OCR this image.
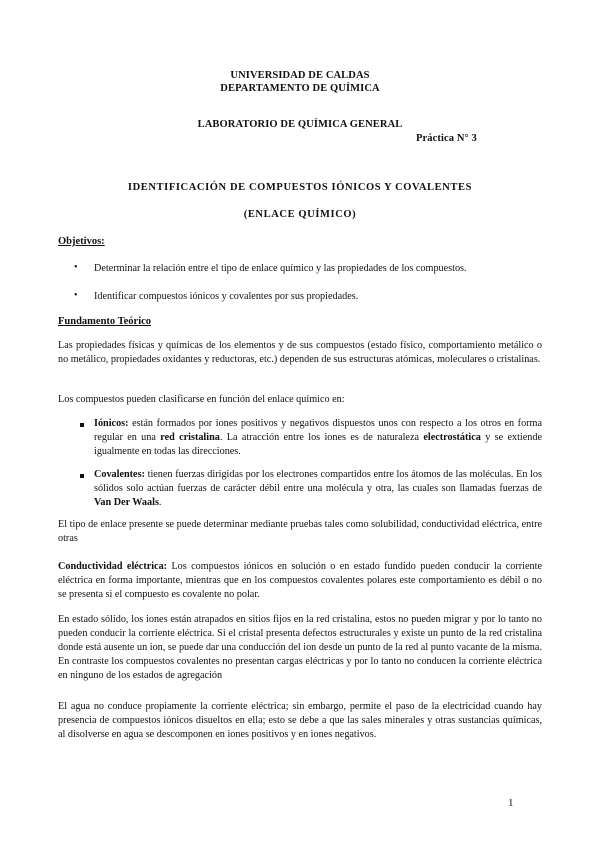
UNIVERSIDAD DE CALDAS
DEPARTAMENTO DE QUÍMICA
LABORATORIO DE QUÍMICA GENERAL
Práctica N° 3
IDENTIFICACIÓN DE COMPUESTOS IÓNICOS Y COVALENTES
(ENLACE QUÍMICO)
Objetivos:
• Determinar la relación entre el tipo de enlace químico y las propiedades de los compuestos.
• Identificar compuestos iónicos y covalentes por sus propiedades.
Fundamento Teórico
Las propiedades físicas y químicas de los elementos y de sus compuestos (estado físico, comportamiento metálico o no metálico, propiedades oxidantes y reductoras, etc.) dependen de sus estructuras atómicas, moleculares o cristalinas.
Los compuestos pueden clasificarse en función del enlace químico en:
Iónicos: están formados por iones positivos y negativos dispuestos unos con respecto a los otros en forma regular en una red cristalina. La atracción entre los iones es de naturaleza electrostática y se extiende igualmente en todas las direcciones.
Covalentes: tienen fuerzas dirigidas por los electrones compartidos entre los átomos de las moléculas. En los sólidos solo actúan fuerzas de carácter débil entre una molécula y otra, las cuales son llamadas fuerzas de Van Der Waals.
El tipo de enlace presente se puede determinar mediante pruebas tales como solubilidad, conductividad eléctrica, entre otras
Conductividad eléctrica: Los compuestos iónicos en solución o en estado fundido pueden conducir la corriente eléctrica en forma importante, mientras que en los compuestos covalentes polares este comportamiento es débil o no se presenta si el compuesto es covalente no polar.
En estado sólido, los iones están atrapados en sitios fijos en la red cristalina, estos no pueden migrar y por lo tanto no pueden conducir la corriente eléctrica. Si el cristal presenta defectos estructurales y existe un punto de la red cristalina donde está ausente un ion, se puede dar una conducción del ion desde un punto de la red al punto vacante de la misma. En contraste los compuestos covalentes no presentan cargas eléctricas y por lo tanto no conducen la corriente eléctrica en ninguno de los estados de agregación
El agua no conduce propiamente la corriente eléctrica; sin embargo, permite el paso de la electricidad cuando hay presencia de compuestos iónicos disueltos en ella; esto se debe a que las sales minerales y otras sustancias químicas, al disolverse en agua se descomponen en iones positivos y en iones negativos.
1
